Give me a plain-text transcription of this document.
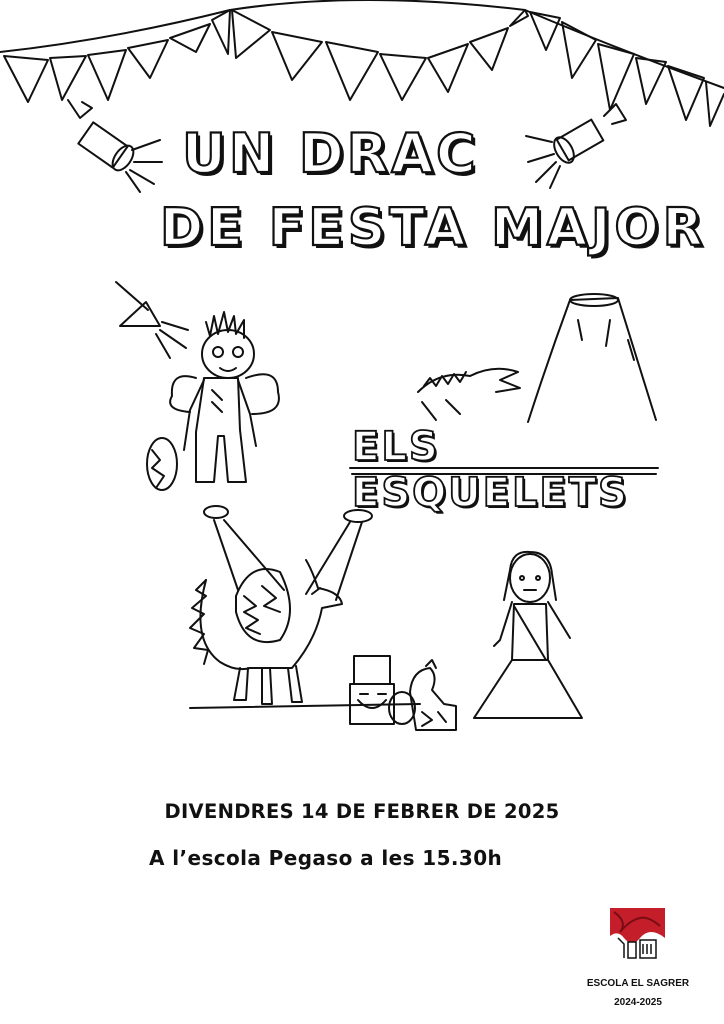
UN DRAC
DE FESTA MAJOR
ELS ESQUELETS

DIVENDRES 14 DE FEBRER DE 2025

A l’escola Pegaso a les 15.30h

ESCOLA EL SAGRER

2024-2025
